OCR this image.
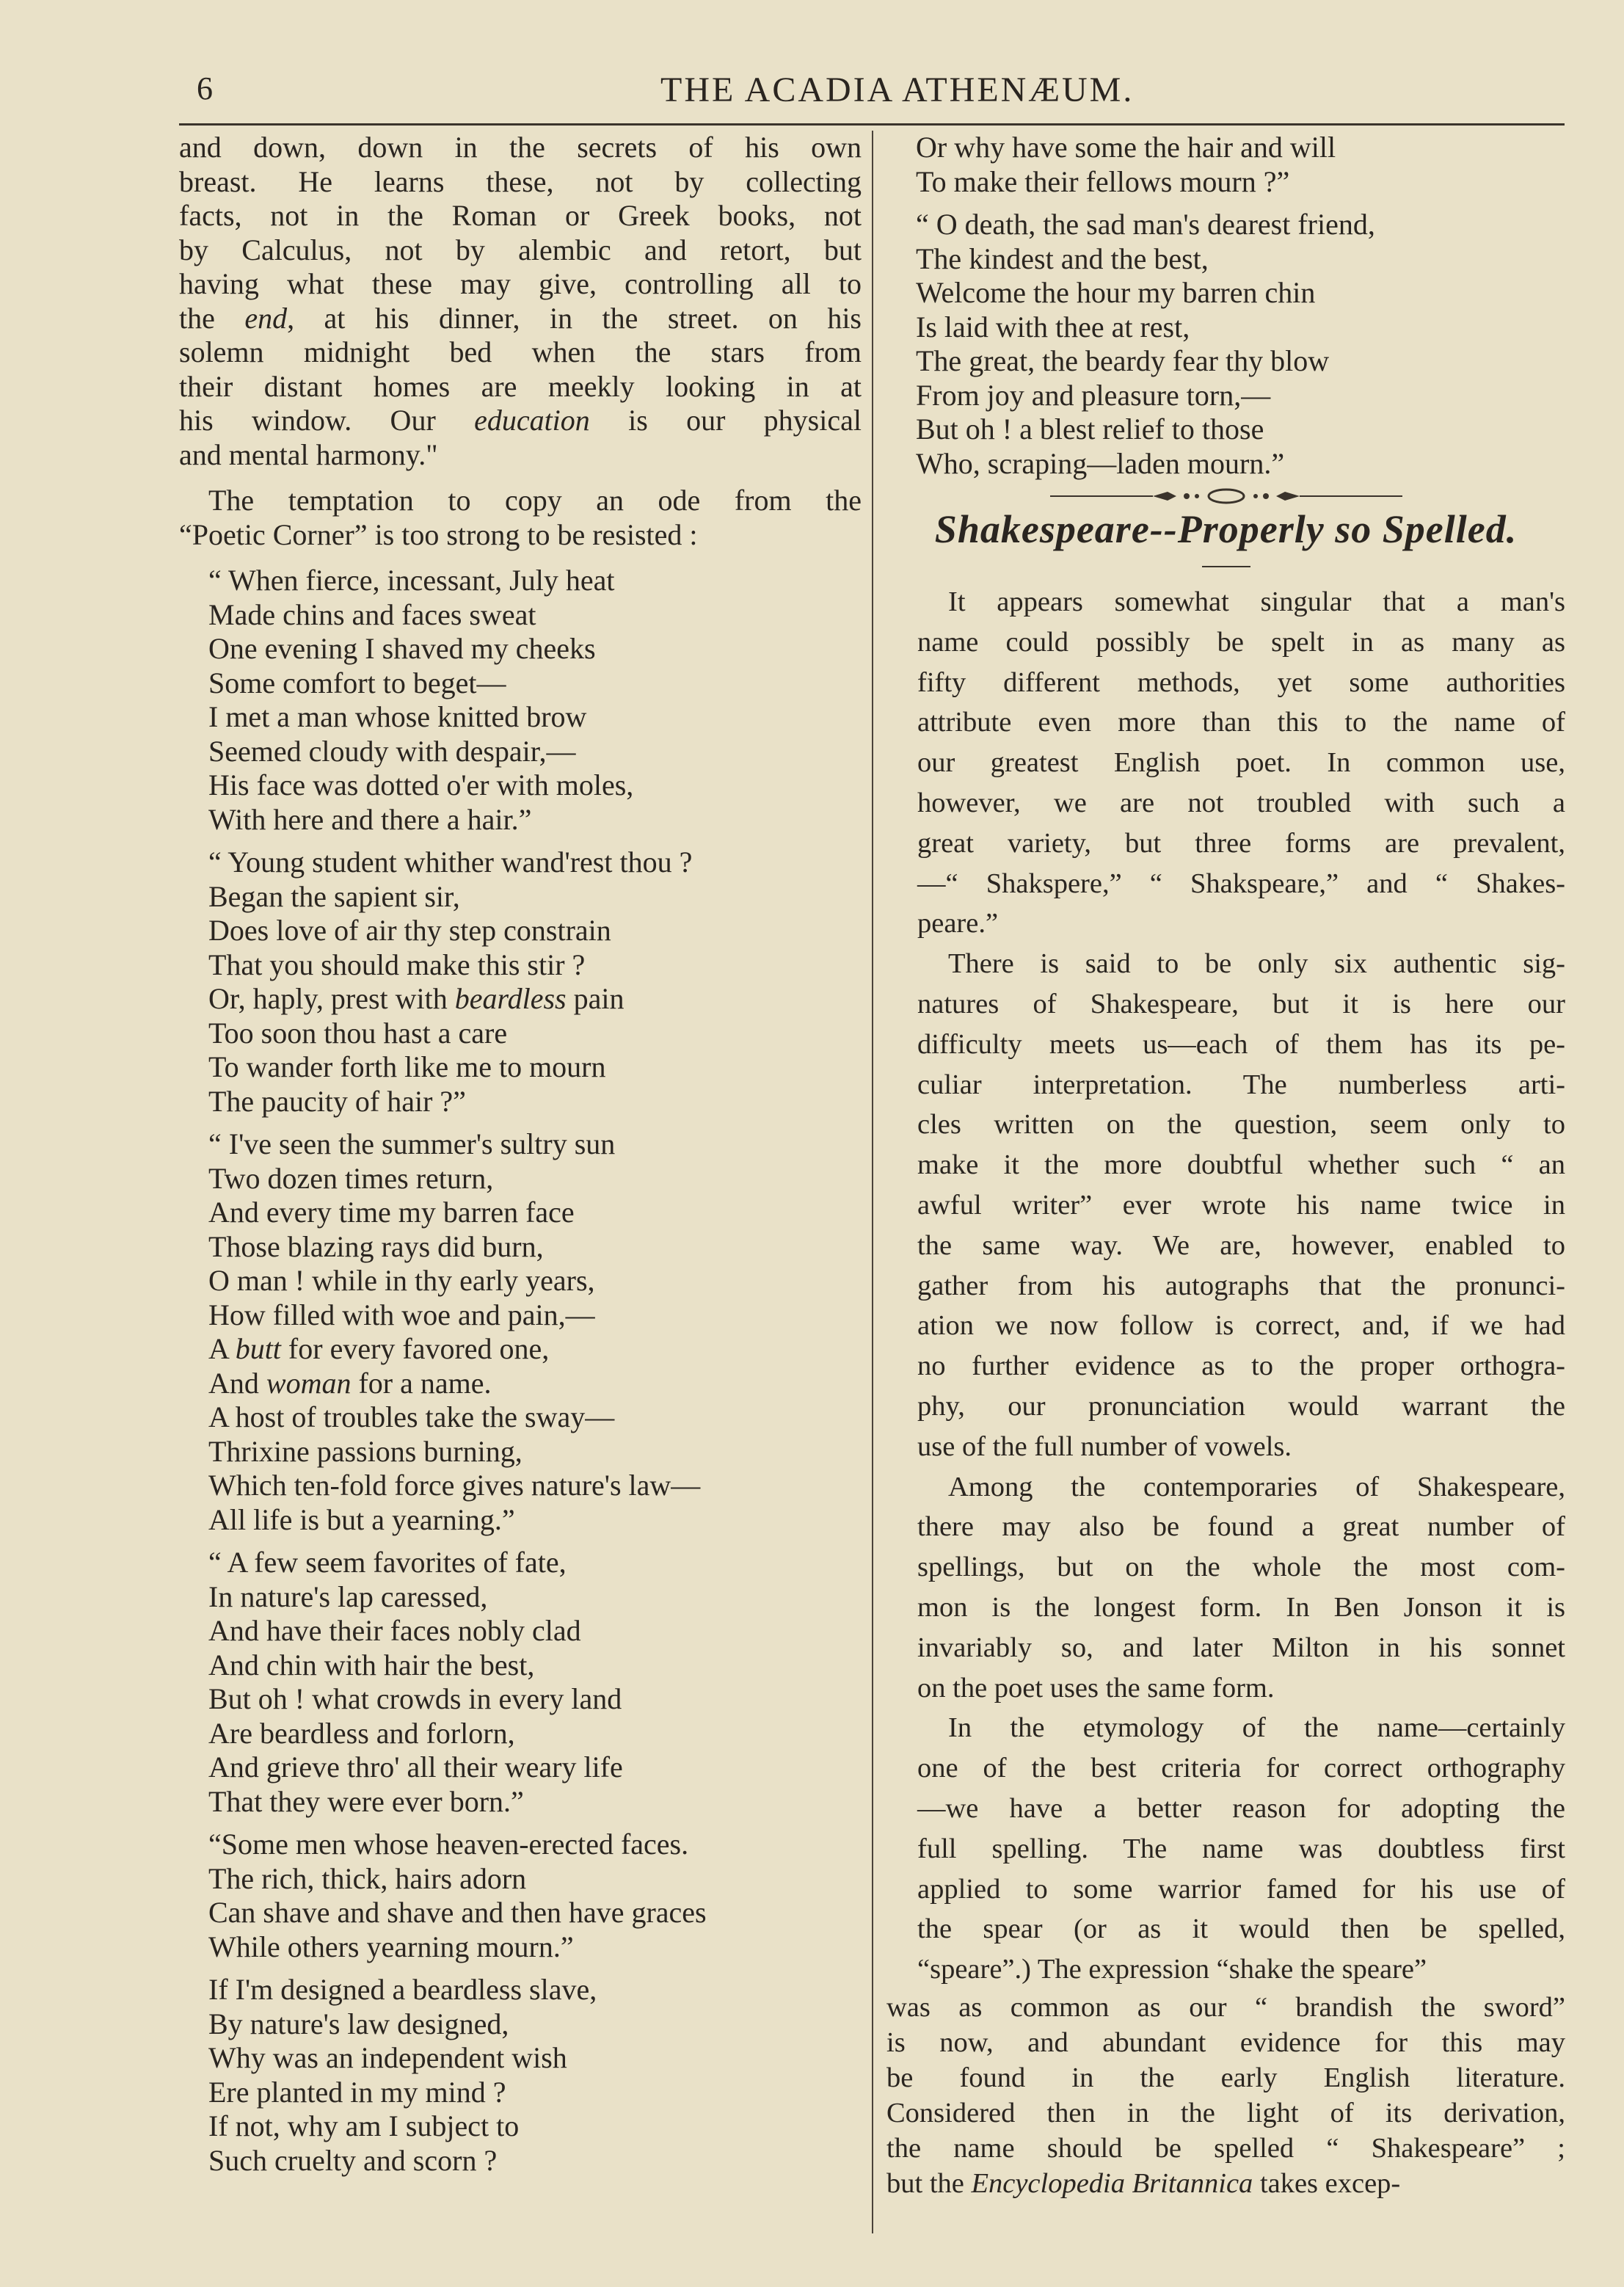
6	THE ACADIA ATHENÆUM.
and down, down in the secrets of his own
breast. He learns these, not by collecting
facts, not in the Roman or Greek books, not
by Calculus, not by alembic and retort, but
having what these may give, controlling all to
the end, at his dinner, in the street. on his
solemn midnight bed when the stars from
their distant homes are meekly looking in at
his window. Our education is our physical
and mental harmony."
The temptation to copy an ode from the
“Poetic Corner” is too strong to be resisted :
“ When fierce, incessant, July heat
Made chins and faces sweat
One evening I shaved my cheeks
Some comfort to beget—
I met a man whose knitted brow
Seemed cloudy with despair,—
His face was dotted o'er with moles,
With here and there a hair.”
“ Young student whither wand'rest thou ?
Began the sapient sir,
Does love of air thy step constrain
That you should make this stir ?
Or, haply, prest with beardless pain
Too soon thou hast a care
To wander forth like me to mourn
The paucity of hair ?”
“ I've seen the summer's sultry sun
Two dozen times return,
And every time my barren face
Those blazing rays did burn,
O man ! while in thy early years,
How filled with woe and pain,—
A butt for every favored one,
And woman for a name.
A host of troubles take the sway—
Thrixine passions burning,
Which ten-fold force gives nature's law—
All life is but a yearning.”
“ A few seem favorites of fate,
In nature's lap caressed,
And have their faces nobly clad
And chin with hair the best,
But oh ! what crowds in every land
Are beardless and forlorn,
And grieve thro' all their weary life
That they were ever born.”
“Some men whose heaven-erected faces.
The rich, thick, hairs adorn
Can shave and shave and then have graces
While others yearning mourn.”
If I'm designed a beardless slave,
By nature's law designed,
Why was an independent wish
Ere planted in my mind ?
If not, why am I subject to
Such cruelty and scorn ?
Or why have some the hair and will
To make their fellows mourn ?”
“ O death, the sad man's dearest friend,
The kindest and the best,
Welcome the hour my barren chin
Is laid with thee at rest,
The great, the beardy fear thy blow
From joy and pleasure torn,—
But oh ! a blest relief to those
Who, scraping—laden mourn.”
Shakespeare--Properly so Spelled.
It appears somewhat singular that a man's
name could possibly be spelt in as many as
fifty different methods, yet some authorities
attribute even more than this to the name of
our greatest English poet. In common use,
however, we are not troubled with such a
great variety, but three forms are prevalent,
—“ Shakspere,” “ Shakspeare,” and “ Shakes-
peare.”
There is said to be only six authentic sig-
natures of Shakespeare, but it is here our
difficulty meets us—each of them has its pe-
culiar interpretation. The numberless arti-
cles written on the question, seem only to
make it the more doubtful whether such “ an
awful writer” ever wrote his name twice in
the same way. We are, however, enabled to
gather from his autographs that the pronunci-
ation we now follow is correct, and, if we had
no further evidence as to the proper orthogra-
phy, our pronunciation would warrant the
use of the full number of vowels.
Among the contemporaries of Shakespeare,
there may also be found a great number of
spellings, but on the whole the most com-
mon is the longest form. In Ben Jonson it is
invariably so, and later Milton in his sonnet
on the poet uses the same form.
In the etymology of the name—certainly
one of the best criteria for correct orthography
—we have a better reason for adopting the
full spelling. The name was doubtless first
applied to some warrior famed for his use of
the spear (or as it would then be spelled,
“speare”.) The expression “shake the speare”
was as common as our “ brandish the sword”
is now, and abundant evidence for this may
be found in the early English literature.
Considered then in the light of its derivation,
the name should be spelled “ Shakespeare” ;
but the Encyclopedia Britannica takes excep-
